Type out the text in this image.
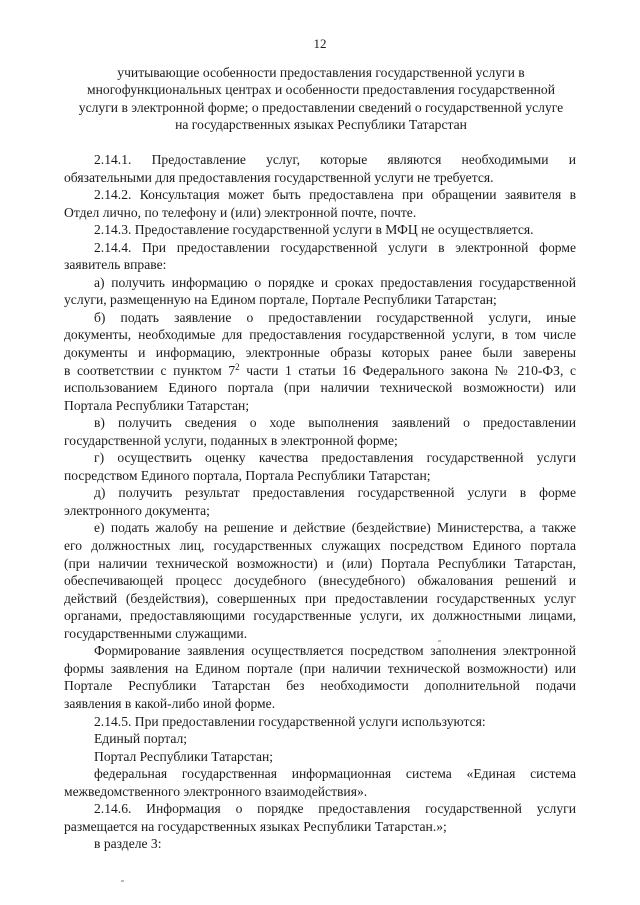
12
учитывающие особенности предоставления государственной услуги в
многофункциональных центрах и особенности предоставления государственной
услуги в электронной форме; о предоставлении сведений о государственной услуге
на государственных языках Республики Татарстан
2.14.1. Предоставление услуг, которые являются необходимыми и
обязательными для предоставления государственной услуги не требуется.
2.14.2. Консультация может быть предоставлена при обращении заявителя в
Отдел лично, по телефону и (или) электронной почте, почте.
2.14.3. Предоставление государственной услуги в МФЦ не осуществляется.
2.14.4. При предоставлении государственной услуги в электронной форме
заявитель вправе:
а) получить информацию о порядке и сроках предоставления государственной
услуги, размещенную на Едином портале, Портале Республики Татарстан;
б) подать заявление о предоставлении государственной услуги, иные
документы, необходимые для предоставления государственной услуги, в том числе
документы и информацию, электронные образы которых ранее были заверены
в соответствии с пунктом $7^2$ части 1 статьи 16 Федерального закона № 210-ФЗ, с
использованием Единого портала (при наличии технической возможности) или
Портала Республики Татарстан;
в) получить сведения о ходе выполнения заявлений о предоставлении
государственной услуги, поданных в электронной форме;
г) осуществить оценку качества предоставления государственной услуги
посредством Единого портала, Портала Республики Татарстан;
д) получить результат предоставления государственной услуги в форме
электронного документа;
е) подать жалобу на решение и действие (бездействие) Министерства, а также
его должностных лиц, государственных служащих посредством Единого портала
(при наличии технической возможности) и (или) Портала Республики Татарстан,
обеспечивающей процесс досудебного (внесудебного) обжалования решений и
действий (бездействия), совершенных при предоставлении государственных услуг
органами, предоставляющими государственные услуги, их должностными лицами,
государственными служащими.
Формирование заявления осуществляется посредством заполнения электронной
формы заявления на Едином портале (при наличии технической возможности) или
Портале Республики Татарстан без необходимости дополнительной подачи
заявления в какой-либо иной форме.
2.14.5. При предоставлении государственной услуги используются:
Единый портал;
Портал Республики Татарстан;
федеральная государственная информационная система «Единая система
межведомственного электронного взаимодействия».
2.14.6. Информация о порядке предоставления государственной услуги
размещается на государственных языках Республики Татарстан.»;
в разделе 3:
